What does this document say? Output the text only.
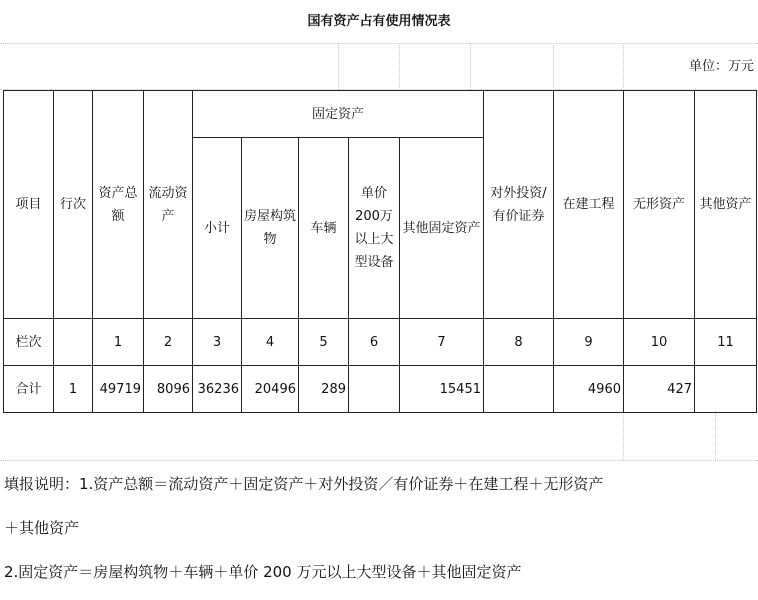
国有资产占有使用情况表
单位：万元
项目	行次	资产总额	流动资产	固定资产					对外投资/有价证券	在建工程	无形资产	其他资产
				小计	房屋构筑物	车辆	单价200万以上大型设备	其他固定资产				
栏次		1	2	3	4	5	6	7	8	9	10	11
合计	1	49719	8096	36236	20496	289		15451		4960	427	
填报说明：1.资产总额＝流动资产＋固定资产＋对外投资／有价证券＋在建工程＋无形资产
＋其他资产
2.固定资产＝房屋构筑物＋车辆＋单价 200 万元以上大型设备＋其他固定资产
